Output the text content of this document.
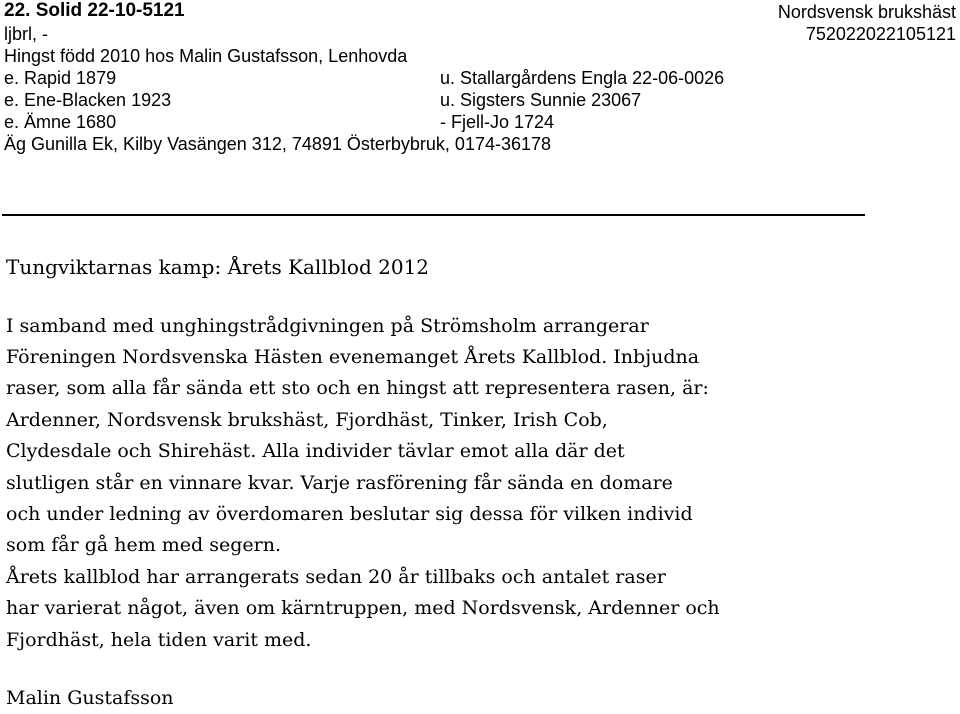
22. Solid 22-10-5121	Nordsvensk brukshäst
ljbrl, -	752022022105121
Hingst född 2010 hos Malin Gustafsson, Lenhovda
e. Rapid 1879	u. Stallargårdens Engla 22-06-0026
e. Ene-Blacken 1923	u. Sigsters Sunnie 23067
e. Ämne 1680	- Fjell-Jo 1724
Äg Gunilla Ek, Kilby Vasängen 312, 74891 Österbybruk, 0174-36178
Tungviktarnas kamp: Årets Kallblod 2012
I samband med unghingstrådgivningen på Strömsholm arrangerar
Föreningen Nordsvenska Hästen evenemanget Årets Kallblod. Inbjudna
raser, som alla får sända ett sto och en hingst att representera rasen, är:
Ardenner, Nordsvensk brukshäst, Fjordhäst, Tinker, Irish Cob,
Clydesdale och Shirehäst. Alla individer tävlar emot alla där det
slutligen står en vinnare kvar. Varje rasförening får sända en domare
och under ledning av överdomaren beslutar sig dessa för vilken individ
som får gå hem med segern.
Årets kallblod har arrangerats sedan 20 år tillbaks och antalet raser
har varierat något, även om kärntruppen, med Nordsvensk, Ardenner och
Fjordhäst, hela tiden varit med.
Malin Gustafsson
